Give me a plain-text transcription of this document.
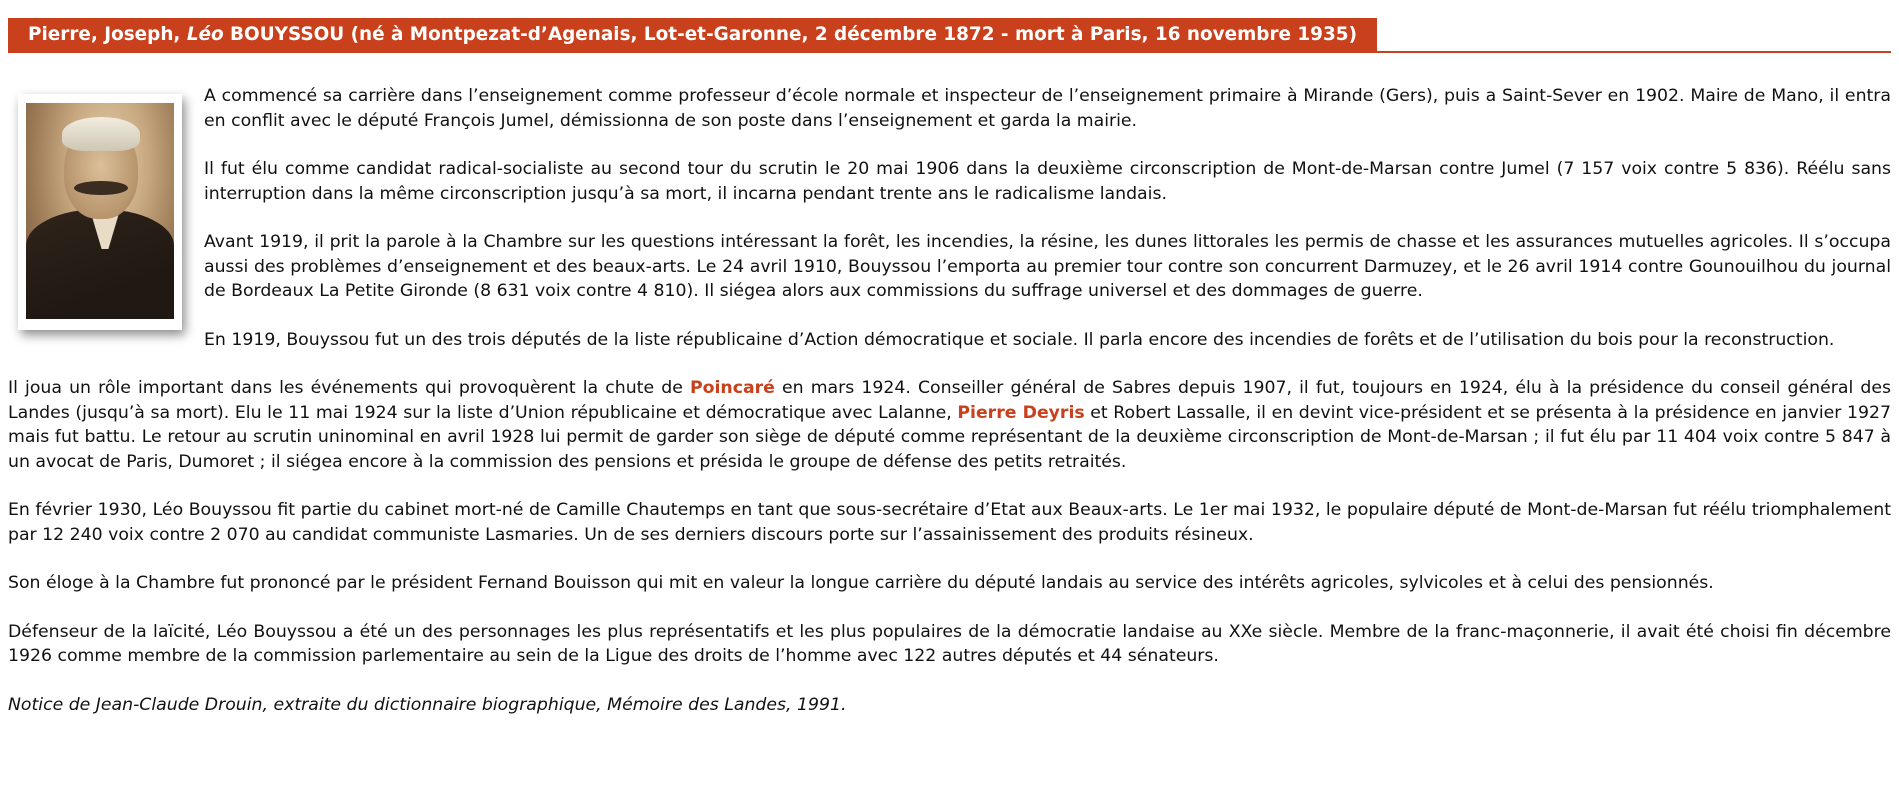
Pierre, Joseph, Léo BOUYSSOU (né à Montpezat-d’Agenais, Lot-et-Garonne, 2 décembre 1872 - mort à Paris, 16 novembre 1935)

A commencé sa carrière dans l’enseignement comme professeur d’école normale et inspecteur de l’enseignement primaire à Mirande (Gers), puis a Saint-Sever en 1902. Maire de Mano, il entra en conflit avec le député François Jumel, démissionna de son poste dans l’enseignement et garda la mairie.

Il fut élu comme candidat radical-socialiste au second tour du scrutin le 20 mai 1906 dans la deuxième circonscription de Mont-de-Marsan contre Jumel (7 157 voix contre 5 836). Réélu sans interruption dans la même circonscription jusqu’à sa mort, il incarna pendant trente ans le radicalisme landais.

Avant 1919, il prit la parole à la Chambre sur les questions intéressant la forêt, les incendies, la résine, les dunes littorales les permis de chasse et les assurances mutuelles agricoles. Il s’occupa aussi des problèmes d’enseignement et des beaux-arts. Le 24 avril 1910, Bouyssou l’emporta au premier tour contre son concurrent Darmuzey, et le 26 avril 1914 contre Gounouilhou du journal de Bordeaux La Petite Gironde (8 631 voix contre 4 810). Il siégea alors aux commissions du suffrage universel et des dommages de guerre.

En 1919, Bouyssou fut un des trois députés de la liste républicaine d’Action démocratique et sociale. Il parla encore des incendies de forêts et de l’utilisation du bois pour la reconstruction.

Il joua un rôle important dans les événements qui provoquèrent la chute de Poincaré en mars 1924. Conseiller général de Sabres depuis 1907, il fut, toujours en 1924, élu à la présidence du conseil général des Landes (jusqu’à sa mort). Elu le 11 mai 1924 sur la liste d’Union républicaine et démocratique avec Lalanne, Pierre Deyris et Robert Lassalle, il en devint vice-président et se présenta à la présidence en janvier 1927 mais fut battu. Le retour au scrutin uninominal en avril 1928 lui permit de garder son siège de député comme représentant de la deuxième circonscription de Mont-de-Marsan ; il fut élu par 11 404 voix contre 5 847 à un avocat de Paris, Dumoret ; il siégea encore à la commission des pensions et présida le groupe de défense des petits retraités.

En février 1930, Léo Bouyssou fit partie du cabinet mort-né de Camille Chautemps en tant que sous-secrétaire d’Etat aux Beaux-arts. Le 1er mai 1932, le populaire député de Mont-de-Marsan fut réélu triomphalement par 12 240 voix contre 2 070 au candidat communiste Lasmaries. Un de ses derniers discours porte sur l’assainissement des produits résineux.

Son éloge à la Chambre fut prononcé par le président Fernand Bouisson qui mit en valeur la longue carrière du député landais au service des intérêts agricoles, sylvicoles et à celui des pensionnés.

Défenseur de la laïcité, Léo Bouyssou a été un des personnages les plus représentatifs et les plus populaires de la démocratie landaise au XXe siècle. Membre de la franc-maçonnerie, il avait été choisi fin décembre 1926 comme membre de la commission parlementaire au sein de la Ligue des droits de l’homme avec 122 autres députés et 44 sénateurs.

Notice de Jean-Claude Drouin, extraite du dictionnaire biographique, Mémoire des Landes, 1991.
